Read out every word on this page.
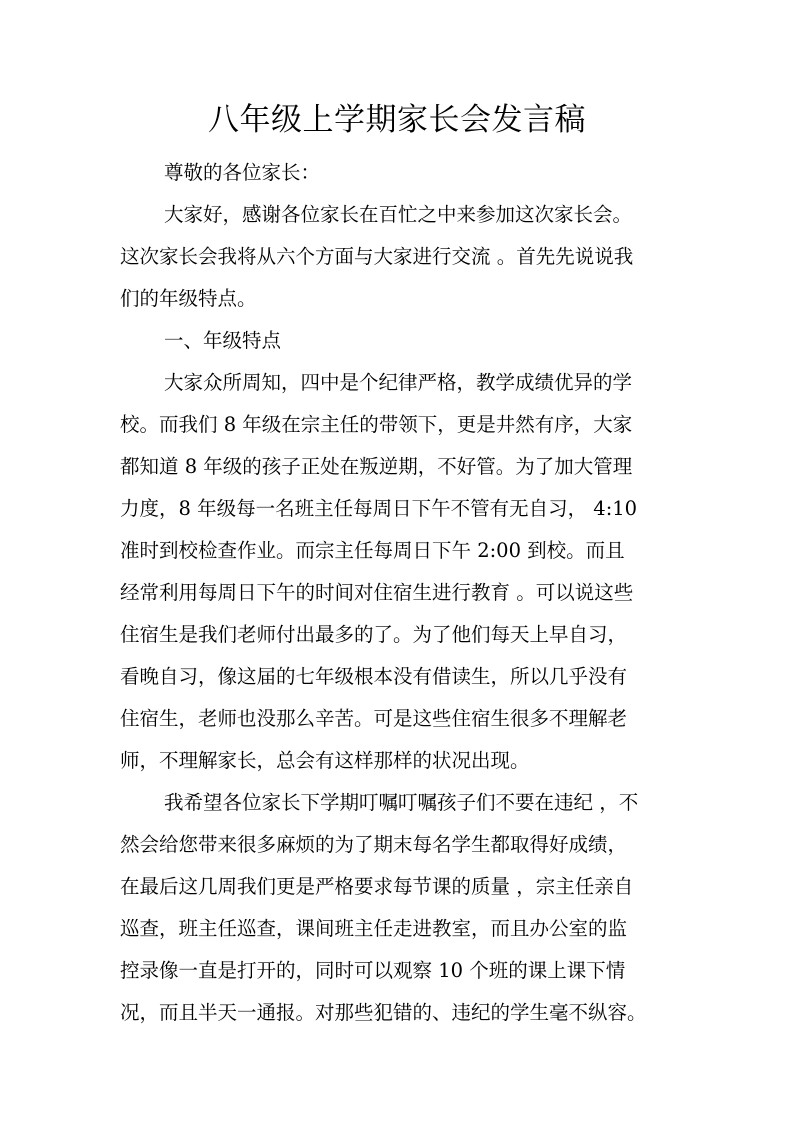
八年级上学期家长会发言稿
尊敬的各位家长：
大家好，感谢各位家长在百忙之中来参加这次家长会。
这次家长会我将从六个方面与大家进行交流 。首先先说说我
们的年级特点。
一、年级特点
大家众所周知，四中是个纪律严格，教学成绩优异的学
校。而我们 8 年级在宗主任的带领下，更是井然有序，大家
都知道 8 年级的孩子正处在叛逆期，不好管。为了加大管理
力度，8 年级每一名班主任每周日下午不管有无自习， 4:10
准时到校检查作业。而宗主任每周日下午 2:00 到校。而且
经常利用每周日下午的时间对住宿生进行教育 。可以说这些
住宿生是我们老师付出最多的了。为了他们每天上早自习，
看晚自习，像这届的七年级根本没有借读生，所以几乎没有
住宿生，老师也没那么辛苦。可是这些住宿生很多不理解老
师，不理解家长，总会有这样那样的状况出现。
我希望各位家长下学期叮嘱叮嘱孩子们不要在违纪 ，不
然会给您带来很多麻烦的为了期末每名学生都取得好成绩，
在最后这几周我们更是严格要求每节课的质量 ，宗主任亲自
巡查，班主任巡查，课间班主任走进教室，而且办公室的监
控录像一直是打开的，同时可以观察 10 个班的课上课下情
况，而且半天一通报。对那些犯错的、违纪的学生毫不纵容。
